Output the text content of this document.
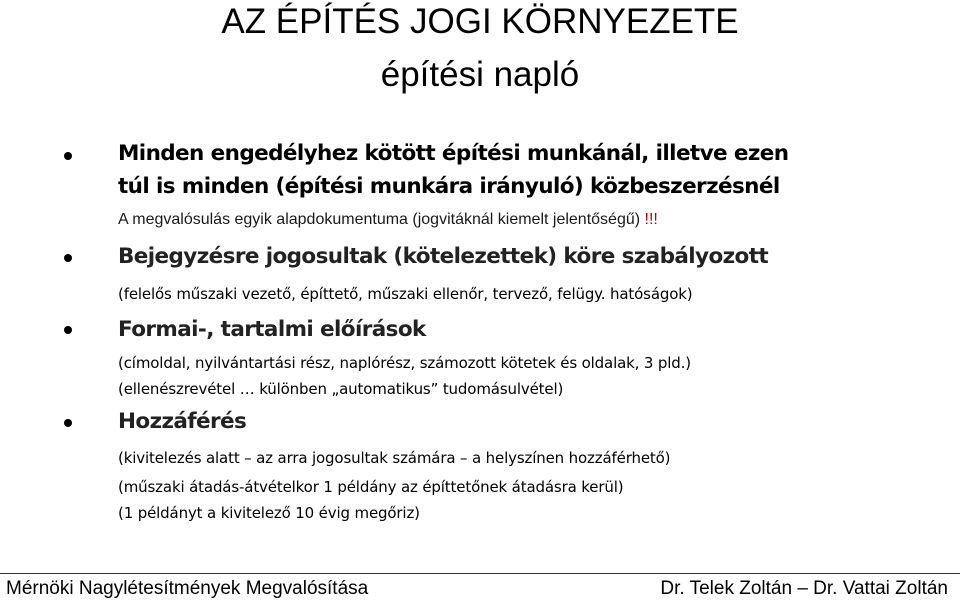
AZ ÉPÍTÉS JOGI KÖRNYEZETE
építési napló
Minden engedélyhez kötött építési munkánál, illetve ezen
túl is minden (építési munkára irányuló) közbeszerzésnél
A megvalósulás egyik alapdokumentuma (jogvitáknál kiemelt jelentőségű) !!!
Bejegyzésre jogosultak (kötelezettek) köre szabályozott
(felelős műszaki vezető, építtető, műszaki ellenőr, tervező, felügy. hatóságok)
Formai-, tartalmi előírások
(címoldal, nyilvántartási rész, naplórész, számozott kötetek és oldalak, 3 pld.)
(ellenészrevétel … különben „automatikus” tudomásulvétel)
Hozzáférés
(kivitelezés alatt – az arra jogosultak számára – a helyszínen hozzáférhető)
(műszaki átadás-átvételkor 1 példány az építtetőnek átadásra kerül)
(1 példányt a kivitelező 10 évig megőriz)
Mérnöki Nagylétesítmények Megvalósítása	Dr. Telek Zoltán – Dr. Vattai Zoltán
